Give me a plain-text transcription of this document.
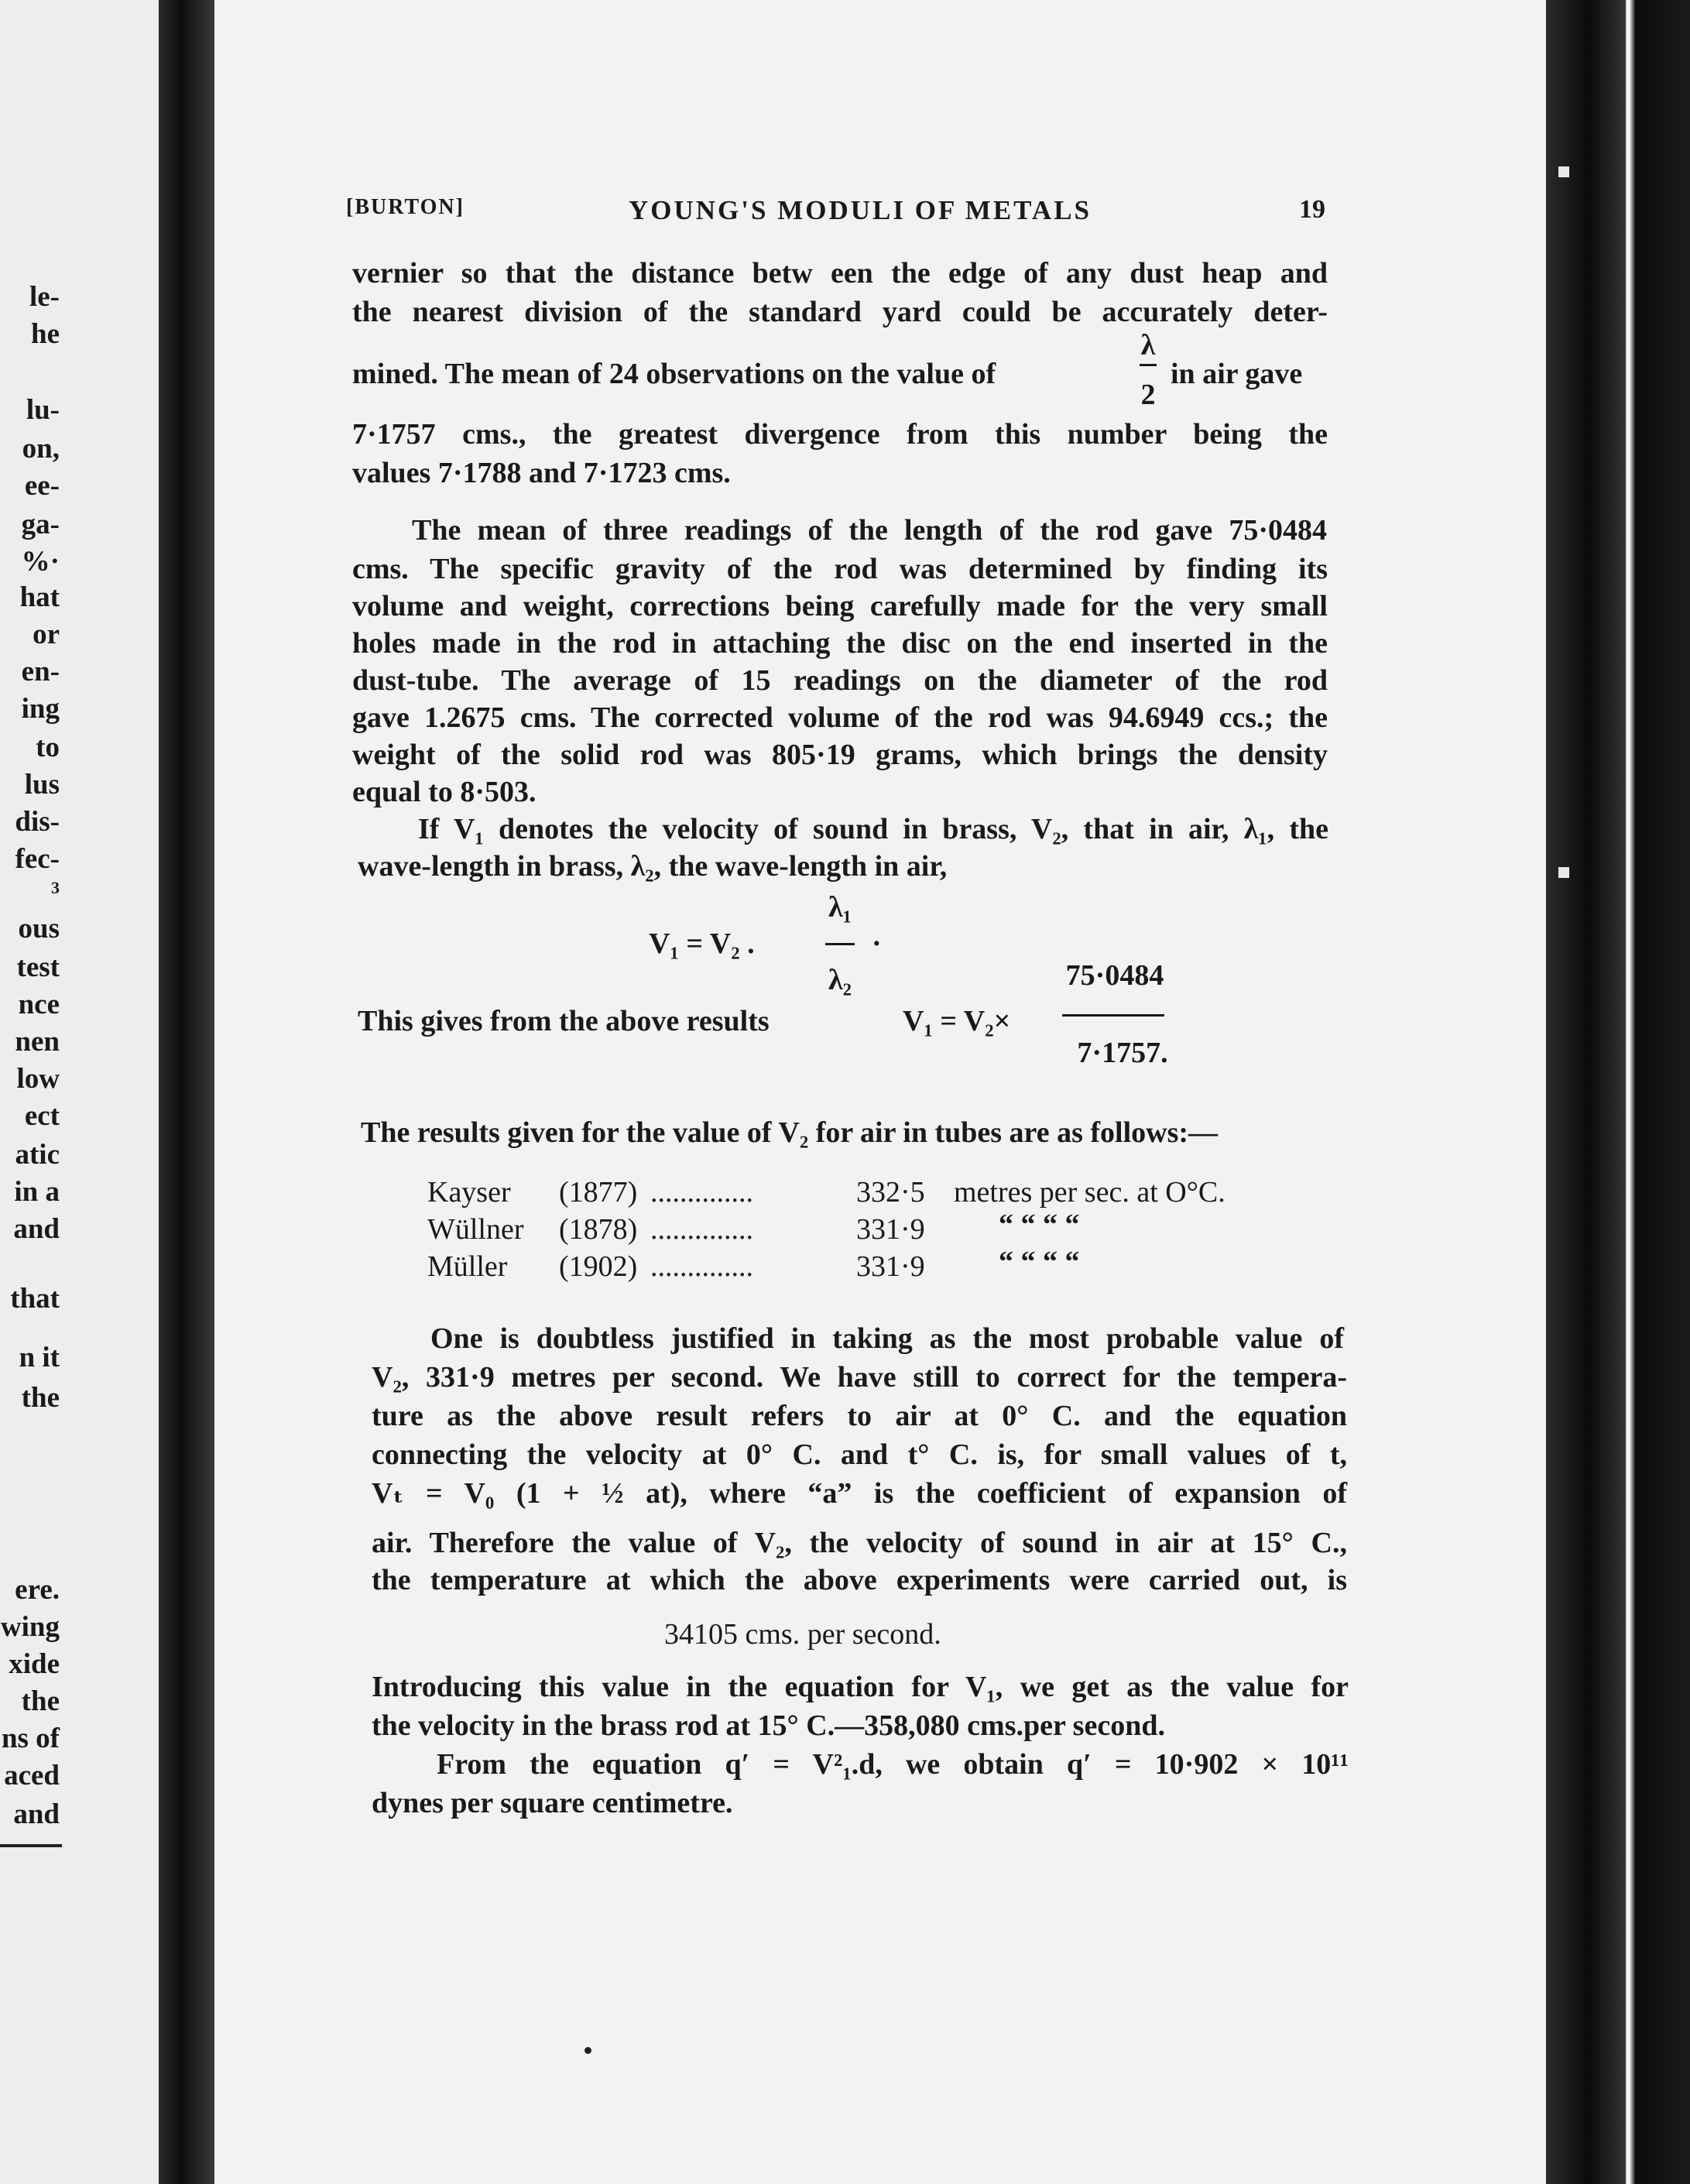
le-
he
lu-
on,
ee-
ga-
%·
hat
or
en-
ing
to
lus
dis-
fec-
3
ous
test
nce
nen
low
ect
atic
in a
and
that
n it
the
ere.
wing
xide
the
ns of
aced
and
[BURTON]	YOUNG'S MODULI OF METALS	19
vernier so that the distance betw een the edge of any dust heap and
the nearest division of the standard yard could be accurately deter-
mined. The mean of 24 observations on the value of
λ
2
in air gave
7·1757 cms., the greatest divergence from this number being the
values 7·1788 and 7·1723 cms.
The mean of three readings of the length of the rod gave 75·0484
cms. The specific gravity of the rod was determined by finding its
volume and weight, corrections being carefully made for the very small
holes made in the rod in attaching the disc on the end inserted in the
dust-tube. The average of 15 readings on the diameter of the rod
gave 1.2675 cms. The corrected volume of the rod was 94.6949 ccs.; the
weight of the solid rod was 805·19 grams, which brings the density
equal to 8·503.
If V₁ denotes the velocity of sound in brass, V₂, that in air, λ₁, the
wave-length in brass, λ₂, the wave-length in air,
V₁ = V₂ .
λ₁
λ₂
·
This gives from the above results	V₁ = V₂×
75·0484
7·1757.
The results given for the value of V₂ for air in tubes are as follows:—
Kayser (1877) ..............	332·5 metres per sec. at O°C.
Wüllner (1878) ..............	331·9	“ “ “ “
Müller (1902) ..............	331·9	“ “ “ “
One is doubtless justified in taking as the most probable value of
V₂, 331·9 metres per second. We have still to correct for the tempera-
ture as the above result refers to air at 0° C. and the equation
connecting the velocity at 0° C. and t° C. is, for small values of t,
Vₜ = V₀ (1 + ½ at), where “a” is the coefficient of expansion of
air. Therefore the value of V₂, the velocity of sound in air at 15° C.,
the temperature at which the above experiments were carried out, is
34105 cms. per second.
Introducing this value in the equation for V₁, we get as the value for
the velocity in the brass rod at 15° C.—358,080 cms.per second.
From the equation q′ = V²₁.d, we obtain q′ = 10·902 × 10¹¹
dynes per square centimetre.
